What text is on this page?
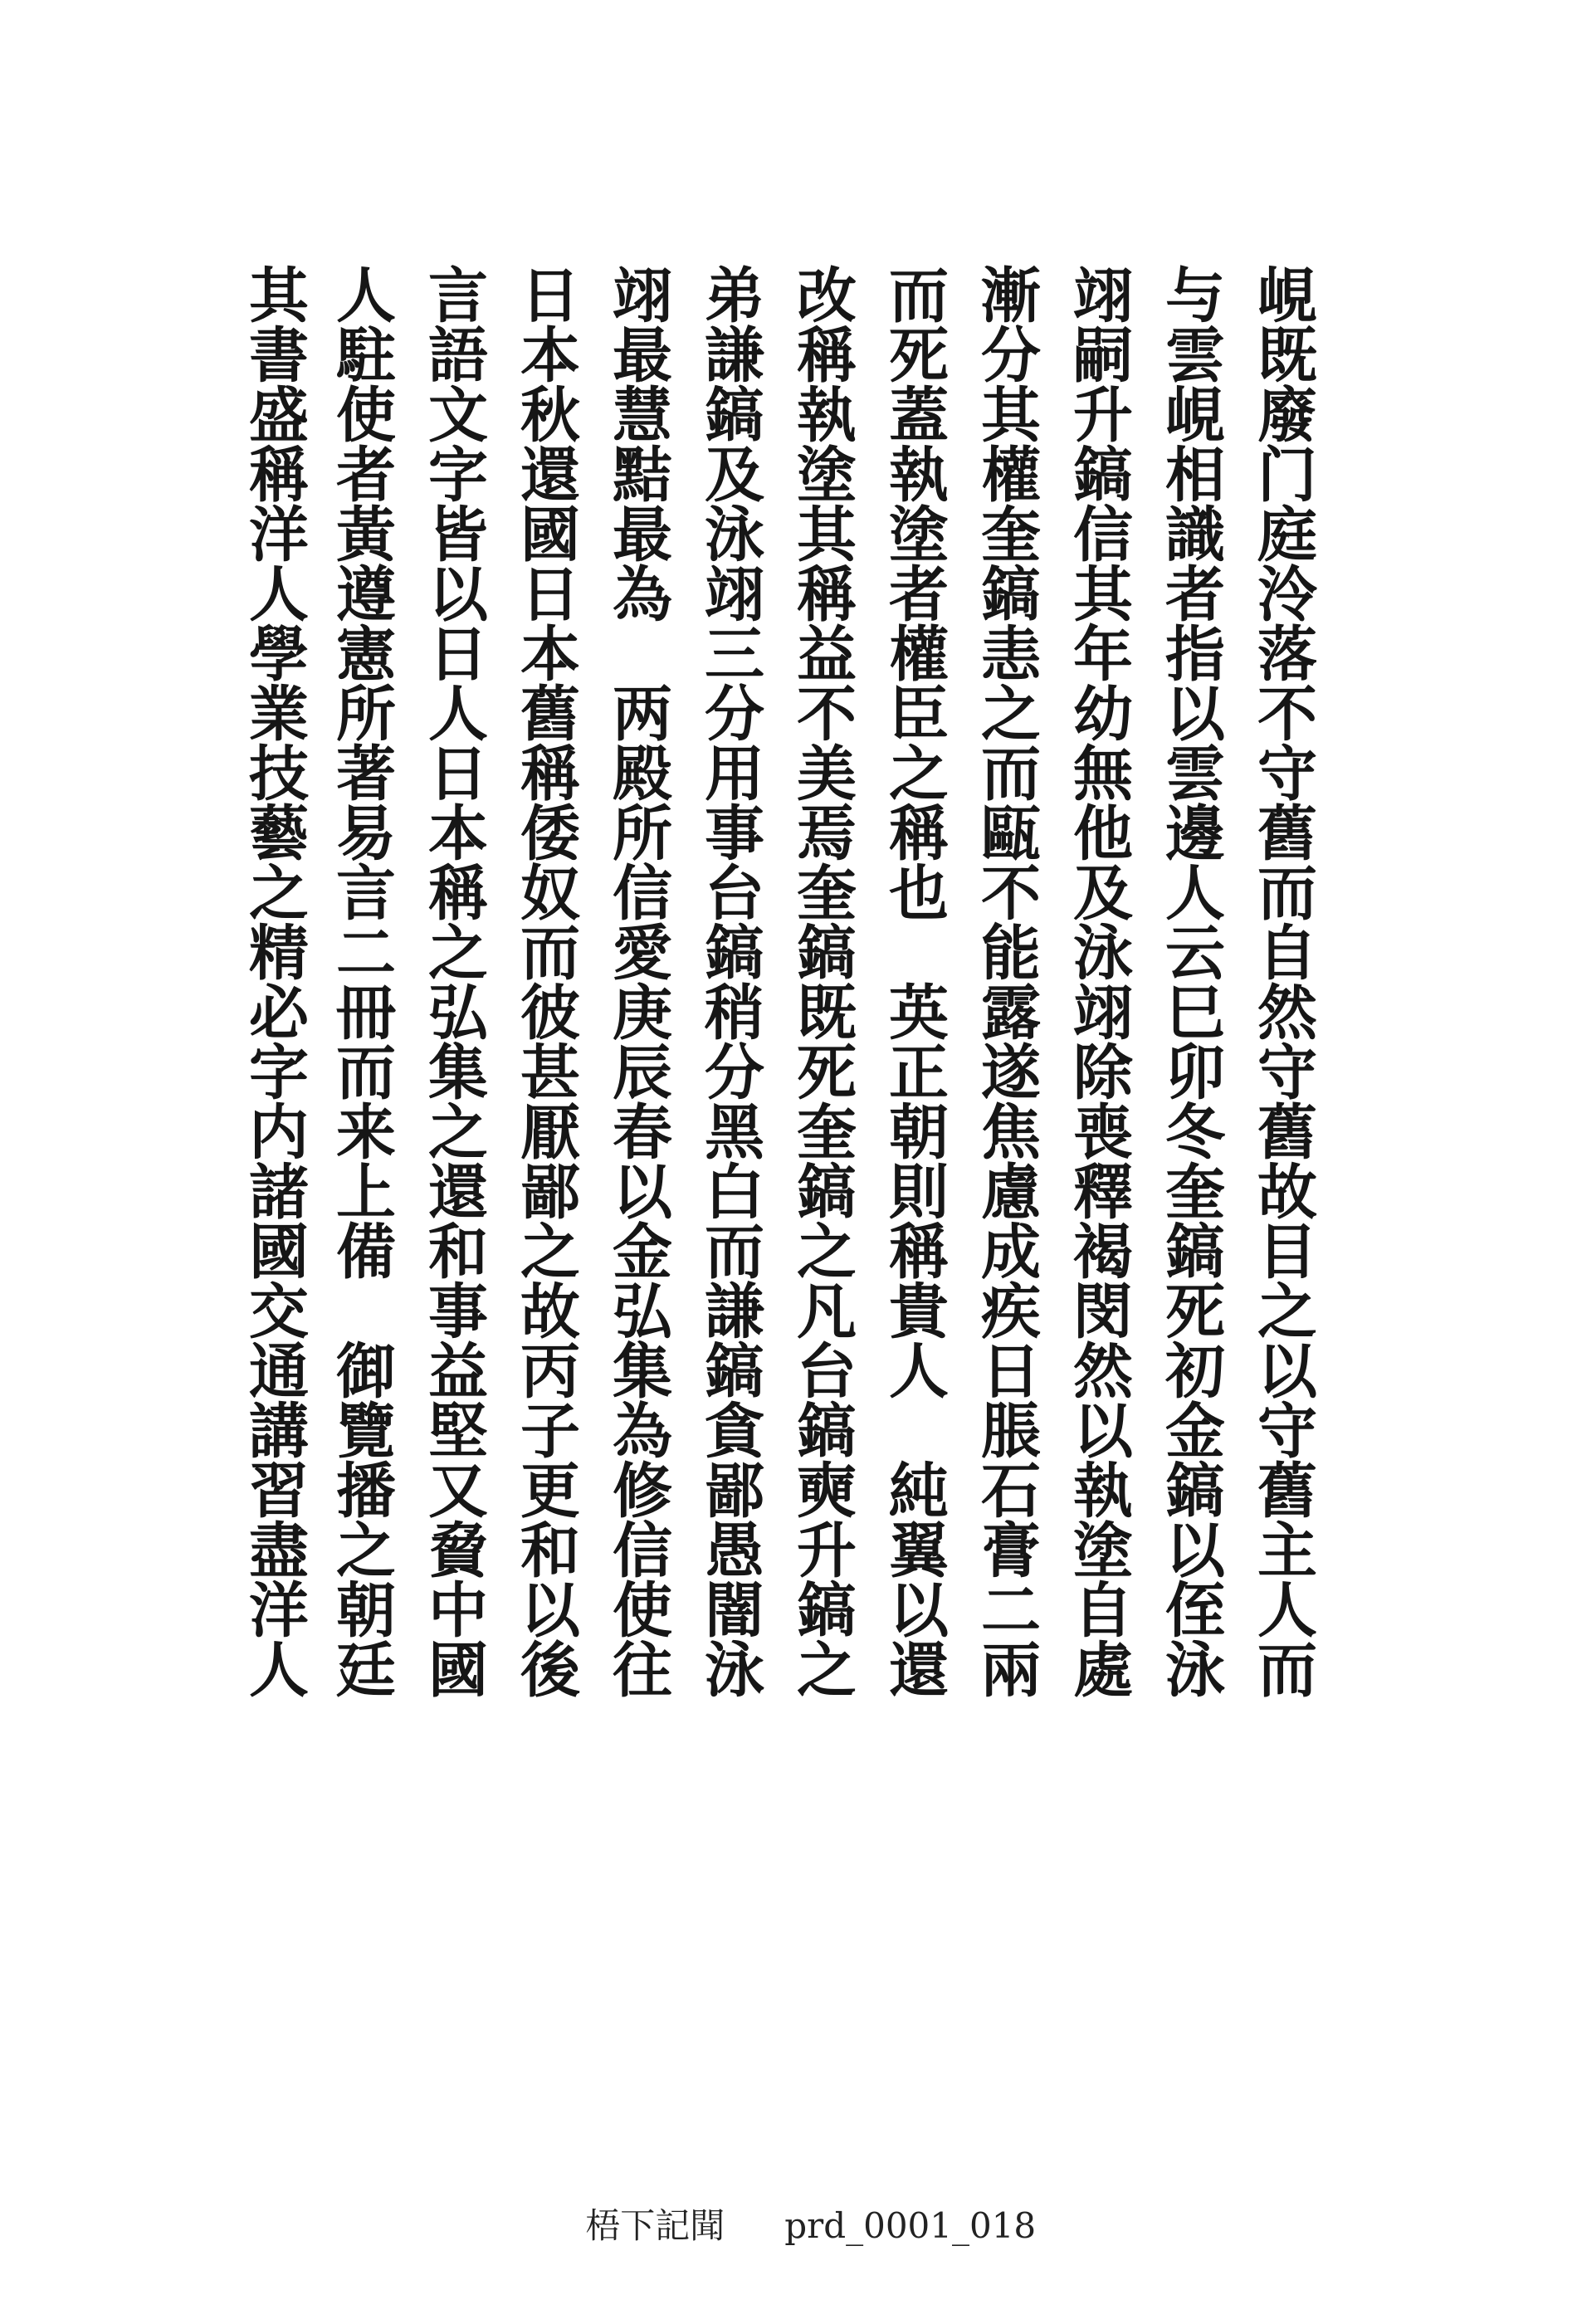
峴既廢门庭泠落不守舊而自然守舊故目之以守舊主人而
与雲峴相識者指以雲邊人云巳卯冬奎鎬死初金鎬以侄泳
翊嗣升鎬信其年幼無他及泳翊除喪釋褐閔然以執塗自處
漸分其權奎鎬恚之而甌不能露遂焦慮成疾日脹石膏二兩
而死蓋執塗者權臣之稱也　英正朝則稱貴人　純翼以還
改稱執塗其稱益不美焉奎鎬既死奎鎬之凡台鎬奭升鎬之
弟謙鎬及泳翊三分用事台鎬稍分黑白而謙鎬貪鄙愚闇泳
翊最慧黠最為　两殿所信愛庚辰春以金弘集為修信使往
日本秋還國日本舊稱倭奴而彼甚厭鄙之故丙子更和以後
言語文字皆以日人日本稱之弘集之還和事益堅又䝱中國
人駐使者黃遵憲所著易言二冊而来上備　御覽播之朝廷
其書盛稱洋人學業技藝之精必字内諸國交通講習盡洋人

梧下記聞 prd_0001_018
